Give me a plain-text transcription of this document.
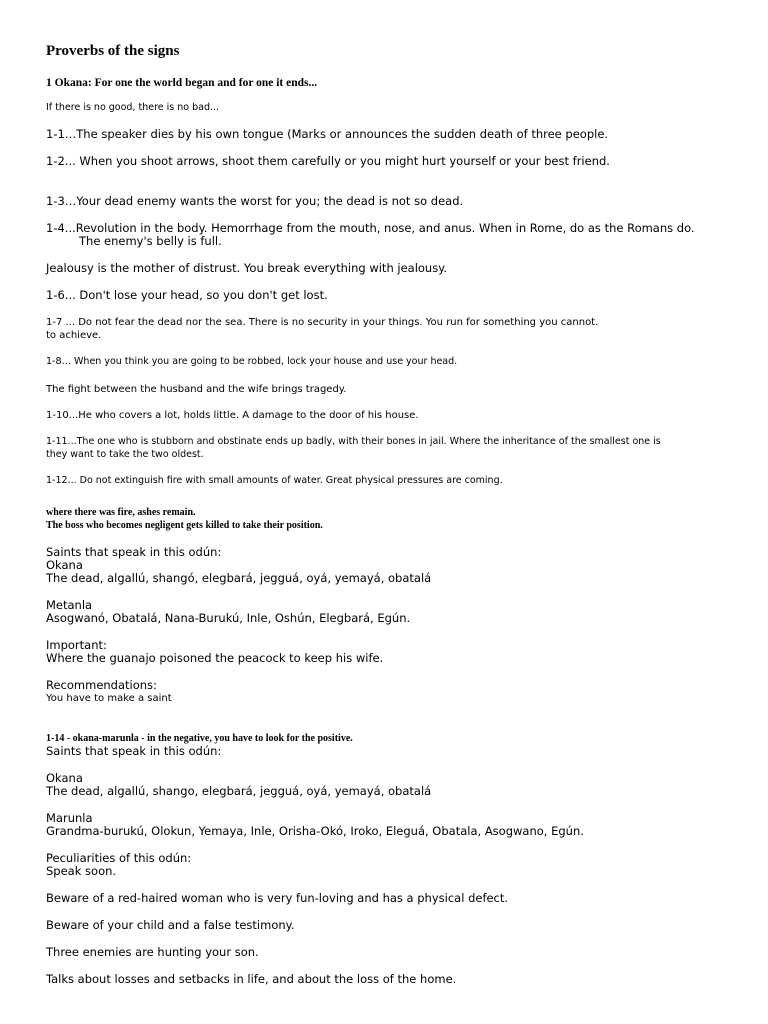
Proverbs of the signs
1 Okana: For one the world began and for one it ends...
If there is no good, there is no bad...
1-1…The speaker dies by his own tongue (Marks or announces the sudden death of three people.
1-2... When you shoot arrows, shoot them carefully or you might hurt yourself or your best friend.
1-3…Your dead enemy wants the worst for you; the dead is not so dead.
1-4...Revolution in the body. Hemorrhage from the mouth, nose, and anus. When in Rome, do as the Romans do.
The enemy's belly is full.
Jealousy is the mother of distrust. You break everything with jealousy.
1-6... Don't lose your head, so you don't get lost.
1-7 ... Do not fear the dead nor the sea. There is no security in your things. You run for something you cannot.
to achieve.
1-8… When you think you are going to be robbed, lock your house and use your head.
The fight between the husband and the wife brings tragedy.
1-10...He who covers a lot, holds little. A damage to the door of his house.
1-11...The one who is stubborn and obstinate ends up badly, with their bones in jail. Where the inheritance of the smallest one is
they want to take the two oldest.
1-12... Do not extinguish fire with small amounts of water. Great physical pressures are coming.
where there was fire, ashes remain.
The boss who becomes negligent gets killed to take their position.
Saints that speak in this odún:
Okana
The dead, algallú, shangó, elegbará, jegguá, oyá, yemayá, obatalá
Metanla
Asogwanó, Obatalá, Nana-Burukú, Inle, Oshún, Elegbará, Egún.
Important:
Where the guanajo poisoned the peacock to keep his wife.
Recommendations:
You have to make a saint
1-14 - okana-marunla - in the negative, you have to look for the positive.
Saints that speak in this odún:
Okana
The dead, algallú, shango, elegbará, jegguá, oyá, yemayá, obatalá
Marunla
Grandma-burukú, Olokun, Yemaya, Inle, Orisha-Okó, Iroko, Eleguá, Obatala, Asogwano, Egún.
Peculiarities of this odún:
Speak soon.
Beware of a red-haired woman who is very fun-loving and has a physical defect.
Beware of your child and a false testimony.
Three enemies are hunting your son.
Talks about losses and setbacks in life, and about the loss of the home.
